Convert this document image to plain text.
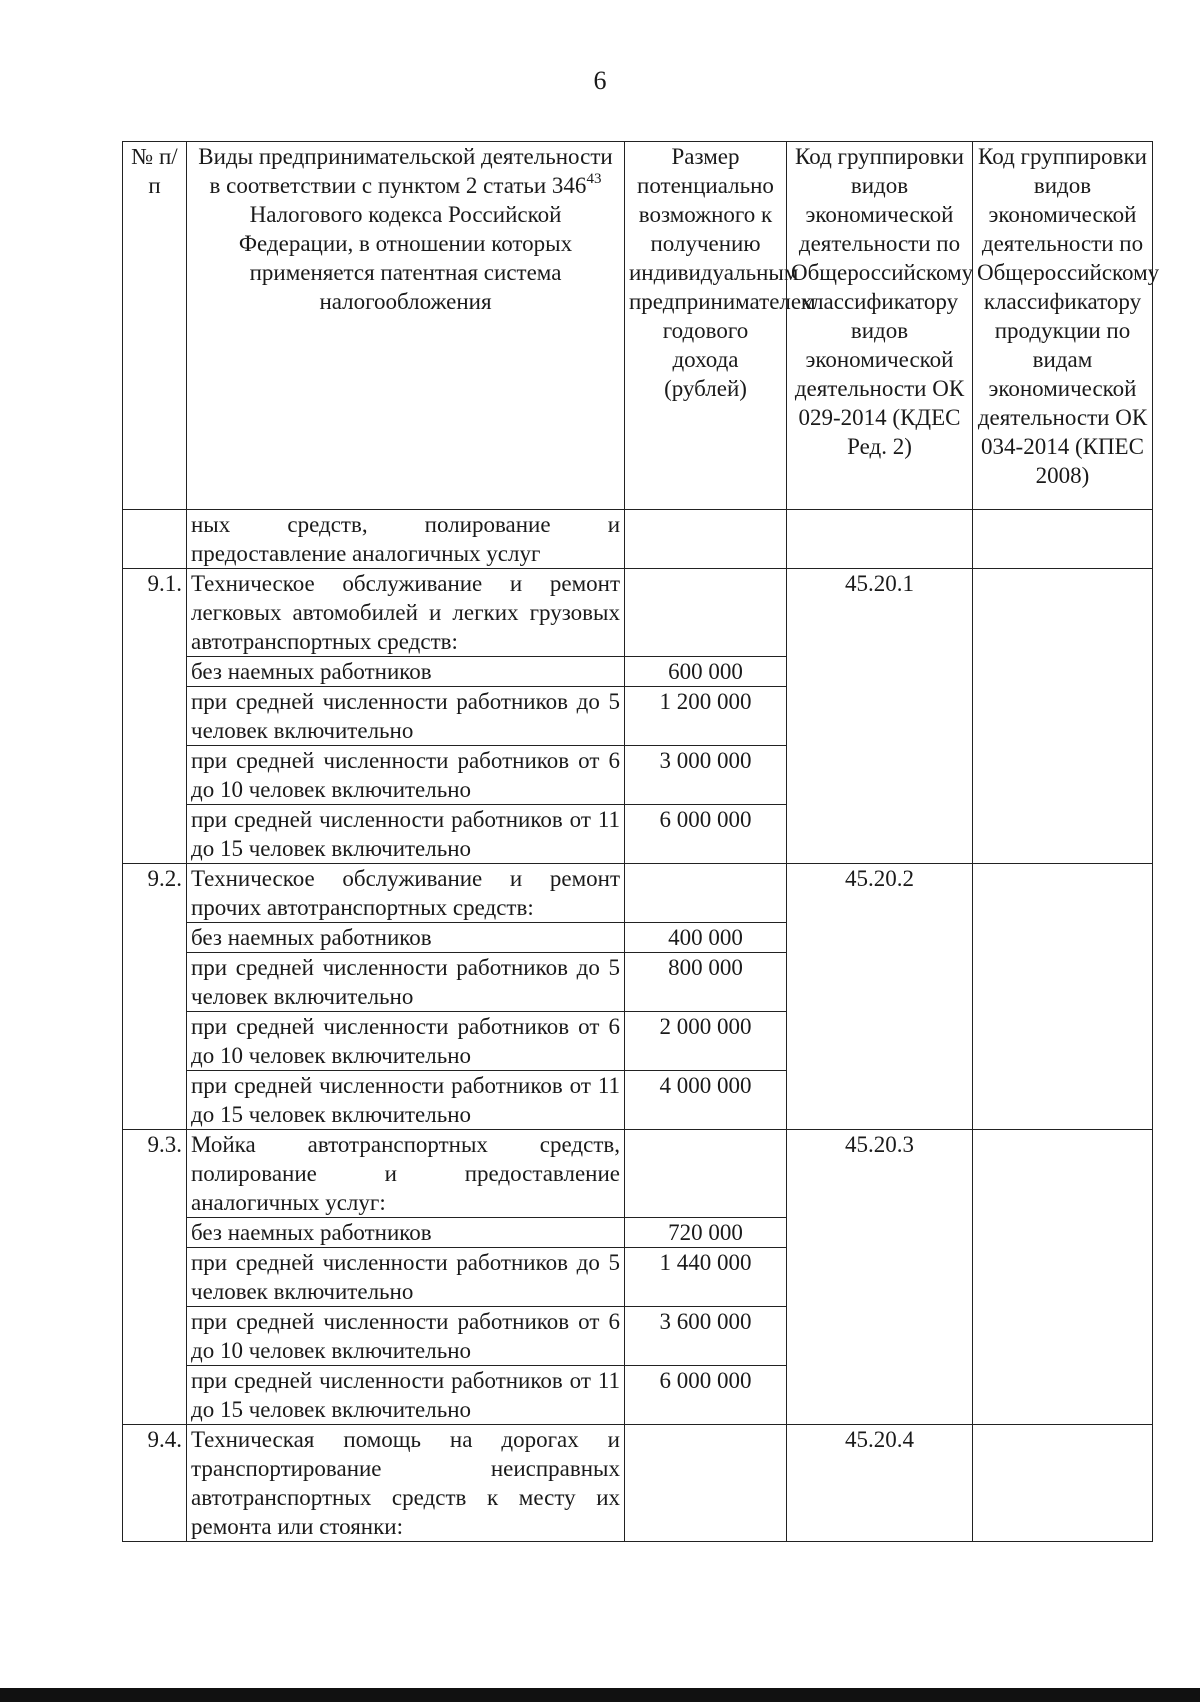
6
№ п/п	Виды предпринимательской деятельности в соответствии с пунктом 2 статьи $346^{43}$ Налогового кодекса Российской Федерации, в отношении которых применяется патентная система налогообложения	Размер потенциально возможного к получению индивидуальным предпринимателем годового дохода (рублей)	Код группировки видов экономической деятельности по Общероссийскому классификатору видов экономической деятельности ОК 029-2014 (КДЕС Ред. 2)	Код группировки видов экономической деятельности по Общероссийскому классификатору продукции по видам экономической деятельности ОК 034-2014 (КПЕС 2008)
	ных средств, полирование и предоставление аналогичных услуг			
9.1.	Техническое обслуживание и ремонт легковых автомобилей и легких грузовых автотранспортных средств:		45.20.1	
	без наемных работников	600 000		
	при средней численности работников до 5 человек включительно	1 200 000		
	при средней численности работников от 6 до 10 человек включительно	3 000 000		
	при средней численности работников от 11 до 15 человек включительно	6 000 000		
9.2.	Техническое обслуживание и ремонт прочих автотранспортных средств:		45.20.2	
	без наемных работников	400 000		
	при средней численности работников до 5 человек включительно	800 000		
	при средней численности работников от 6 до 10 человек включительно	2 000 000		
	при средней численности работников от 11 до 15 человек включительно	4 000 000		
9.3.	Мойка автотранспортных средств, полирование и предоставление аналогичных услуг:		45.20.3	
	без наемных работников	720 000		
	при средней численности работников до 5 человек включительно	1 440 000		
	при средней численности работников от 6 до 10 человек включительно	3 600 000		
	при средней численности работников от 11 до 15 человек включительно	6 000 000		
9.4.	Техническая помощь на дорогах и транспортирование неисправных автотранспортных средств к месту их ремонта или стоянки:		45.20.4	
